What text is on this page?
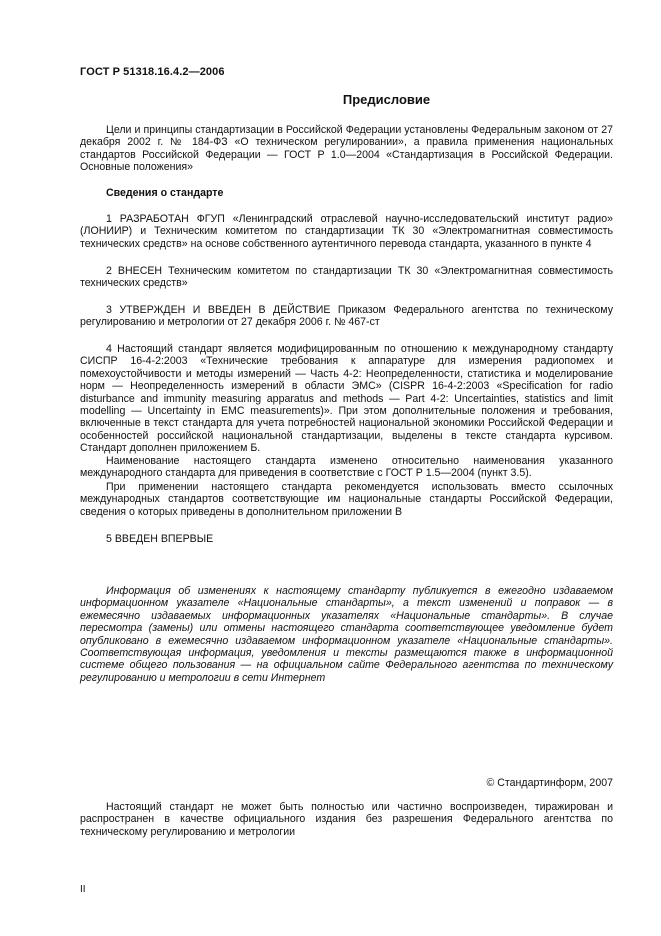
ГОСТ Р 51318.16.4.2—2006
Предисловие
Цели и принципы стандартизации в Российской Федерации установлены Федеральным законом от 27 декабря 2002 г. № 184-ФЗ «О техническом регулировании», а правила применения национальных стандартов Российской Федерации — ГОСТ Р 1.0—2004 «Стандартизация в Российской Федерации. Основные положения»
Сведения о стандарте
1 РАЗРАБОТАН ФГУП «Ленинградский отраслевой научно-исследовательский институт радио» (ЛОНИИР) и Техническим комитетом по стандартизации ТК 30 «Электромагнитная совместимость технических средств» на основе собственного аутентичного перевода стандарта, указанного в пункте 4
2 ВНЕСЕН Техническим комитетом по стандартизации ТК 30 «Электромагнитная совместимость технических средств»
3 УТВЕРЖДЕН И ВВЕДЕН В ДЕЙСТВИЕ Приказом Федерального агентства по техническому регулированию и метрологии от 27 декабря 2006 г. № 467-ст
4 Настоящий стандарт является модифицированным по отношению к международному стандарту СИСПР 16-4-2:2003 «Технические требования к аппаратуре для измерения радиопомех и помехоустойчивости и методы измерений — Часть 4-2: Неопределенности, статистика и моделирование норм — Неопределенность измерений в области ЭМС» (CISPR 16-4-2:2003 «Specification for radio disturbance and immunity measuring apparatus and methods — Part 4-2: Uncertainties, statistics and limit modelling — Uncertainty in EMC measurements)». При этом дополнительные положения и требования, включенные в текст стандарта для учета потребностей национальной экономики Российской Федерации и особенностей российской национальной стандартизации, выделены в тексте стандарта курсивом. Стандарт дополнен приложением Б.
Наименование настоящего стандарта изменено относительно наименования указанного международного стандарта для приведения в соответствие с ГОСТ Р 1.5—2004 (пункт 3.5).
При применении настоящего стандарта рекомендуется использовать вместо ссылочных международных стандартов соответствующие им национальные стандарты Российской Федерации, сведения о которых приведены в дополнительном приложении В
5 ВВЕДЕН ВПЕРВЫЕ
Информация об изменениях к настоящему стандарту публикуется в ежегодно издаваемом информационном указателе «Национальные стандарты», а текст изменений и поправок — в ежемесячно издаваемых информационных указателях «Национальные стандарты». В случае пересмотра (замены) или отмены настоящего стандарта соответствующее уведомление будет опубликовано в ежемесячно издаваемом информационном указателе «Национальные стандарты». Соответствующая информация, уведомления и тексты размещаются также в информационной системе общего пользования — на официальном сайте Федерального агентства по техническому регулированию и метрологии в сети Интернет
© Стандартинформ, 2007
Настоящий стандарт не может быть полностью или частично воспроизведен, тиражирован и распространен в качестве официального издания без разрешения Федерального агентства по техническому регулированию и метрологии
II
